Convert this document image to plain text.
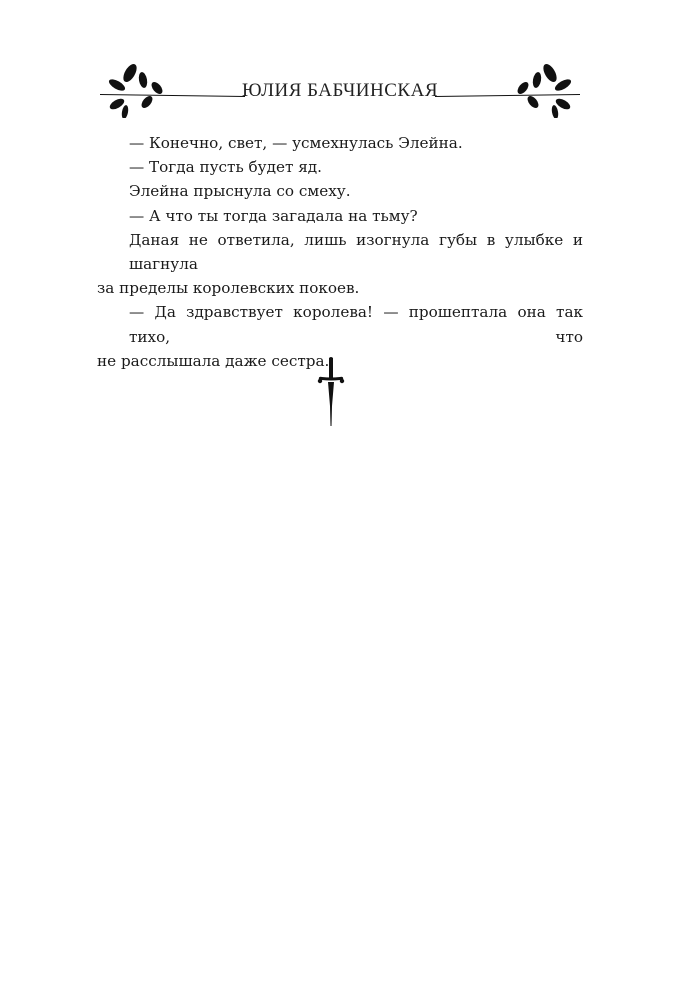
ЮЛИЯ БАБЧИНСКАЯ
— Конечно, свет, — усмехнулась Элейна.
— Тогда пусть будет яд.
Элейна прыснула со смеху.
— А что ты тогда загадала на тьму?
Даная не ответила, лишь изогнула губы в улыбке и шагнула
за пределы королевских покоев.
— Да здравствует королева! — прошептала она так тихо, что
не расслышала даже сестра.
